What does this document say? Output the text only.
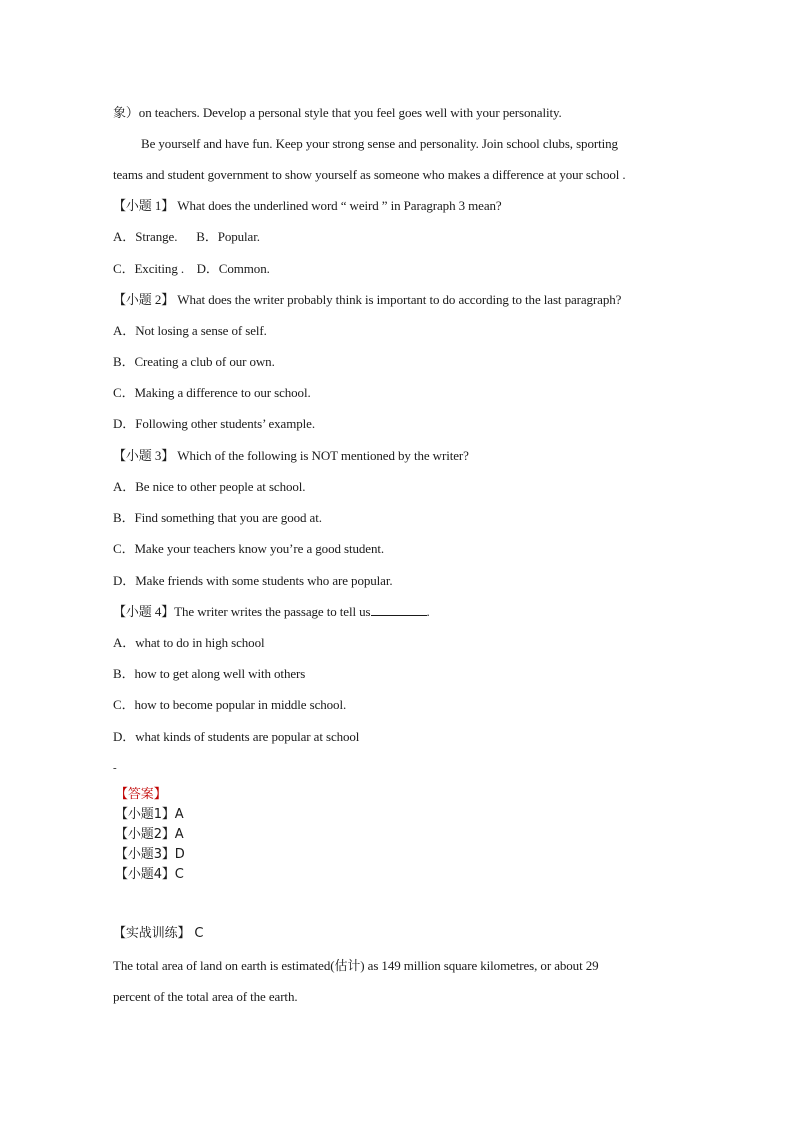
象）on teachers. Develop a personal style that you feel goes well with your personality.
Be yourself and have fun. Keep your strong sense and personality. Join school clubs, sporting
teams and student government to show yourself as someone who makes a difference at your school .
【小题 1】 What does the underlined word “ weird ” in Paragraph 3 mean?
A．Strange.      B．Popular.
C．Exciting .    D．Common.
【小题 2】 What does the writer probably think is important to do according to the last paragraph?
A．Not losing a sense of self.
B．Creating a club of our own.
C．Making a difference to our school.
D．Following other students’ example.
【小题 3】 Which of the following is NOT mentioned by the writer?
A．Be nice to other people at school.
B．Find something that you are good at.
C．Make your teachers know you’re a good student.
D．Make friends with some students who are popular.
【小题 4】The writer writes the passage to tell us	.
A．what to do in high school
B．how to get along well with others
C．how to become popular in middle school.
D．what kinds of students are popular at school
-
【答案】
【小题1】A
【小题2】A
【小题3】D
【小题4】C
【实战训练】 C
The total area of land on earth is estimated(估计) as 149 million square kilometres, or about 29
percent of the total area of the earth.
